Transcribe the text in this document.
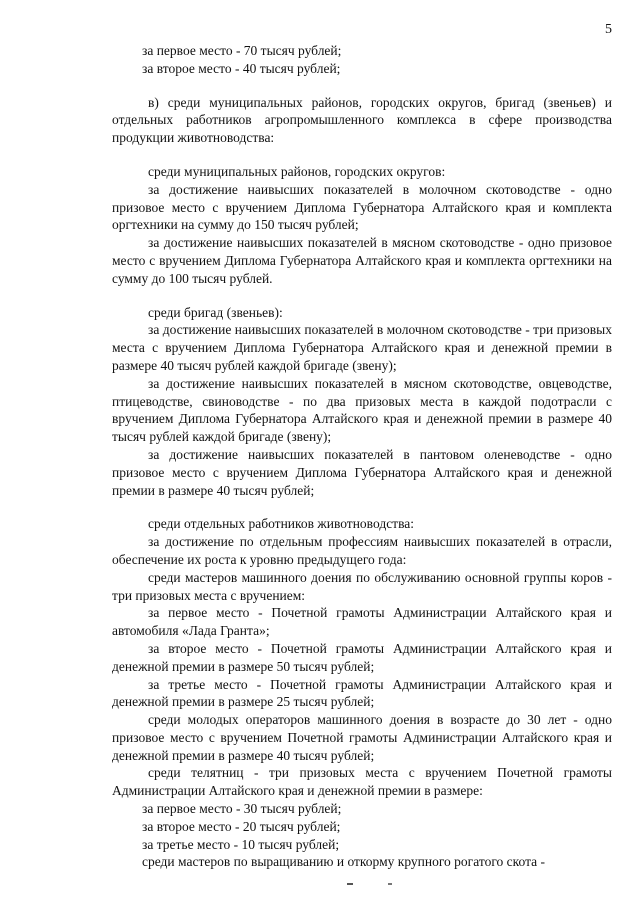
5

за первое место - 70 тысяч рублей;

за второе место - 40 тысяч рублей;

в) среди муниципальных районов, городских округов, бригад (звеньев) и отдельных работников агропромышленного комплекса в сфере производства продукции животноводства:

среди муниципальных районов, городских округов:

за достижение наивысших показателей в молочном скотоводстве - одно призовое место с вручением Диплома Губернатора Алтайского края и комплекта оргтехники на сумму до 150 тысяч рублей;

за достижение наивысших показателей в мясном скотоводстве - одно призовое место с вручением Диплома Губернатора Алтайского края и комплекта оргтехники на сумму до 100 тысяч рублей.

среди бригад (звеньев):

за достижение наивысших показателей в молочном скотоводстве - три призовых места с вручением Диплома Губернатора Алтайского края и денежной премии в размере 40 тысяч рублей каждой бригаде (звену);

за достижение наивысших показателей в мясном скотоводстве, овцеводстве, птицеводстве, свиноводстве - по два призовых места в каждой подотрасли с вручением Диплома Губернатора Алтайского края и денежной премии в размере 40 тысяч рублей каждой бригаде (звену);

за достижение наивысших показателей в пантовом оленеводстве - одно призовое место с вручением Диплома Губернатора Алтайского края и денежной премии в размере 40 тысяч рублей;

среди отдельных работников животноводства:

за достижение по отдельным профессиям наивысших показателей в отрасли, обеспечение их роста к уровню предыдущего года:

среди мастеров машинного доения по обслуживанию основной группы коров - три призовых места с вручением:

за первое место - Почетной грамоты Администрации Алтайского края и автомобиля «Лада Гранта»;

за второе место - Почетной грамоты Администрации Алтайского края и денежной премии в размере 50 тысяч рублей;

за третье место - Почетной грамоты Администрации Алтайского края и денежной премии в размере 25 тысяч рублей;

среди молодых операторов машинного доения в возрасте до 30 лет - одно призовое место с вручением Почетной грамоты Администрации Алтайского края и денежной премии в размере 40 тысяч рублей;

среди телятниц - три призовых места с вручением Почетной грамоты Администрации Алтайского края и денежной премии в размере:

за первое место - 30 тысяч рублей;

за второе место - 20 тысяч рублей;

за третье место - 10 тысяч рублей;

среди мастеров по выращиванию и откорму крупного рогатого скота -
